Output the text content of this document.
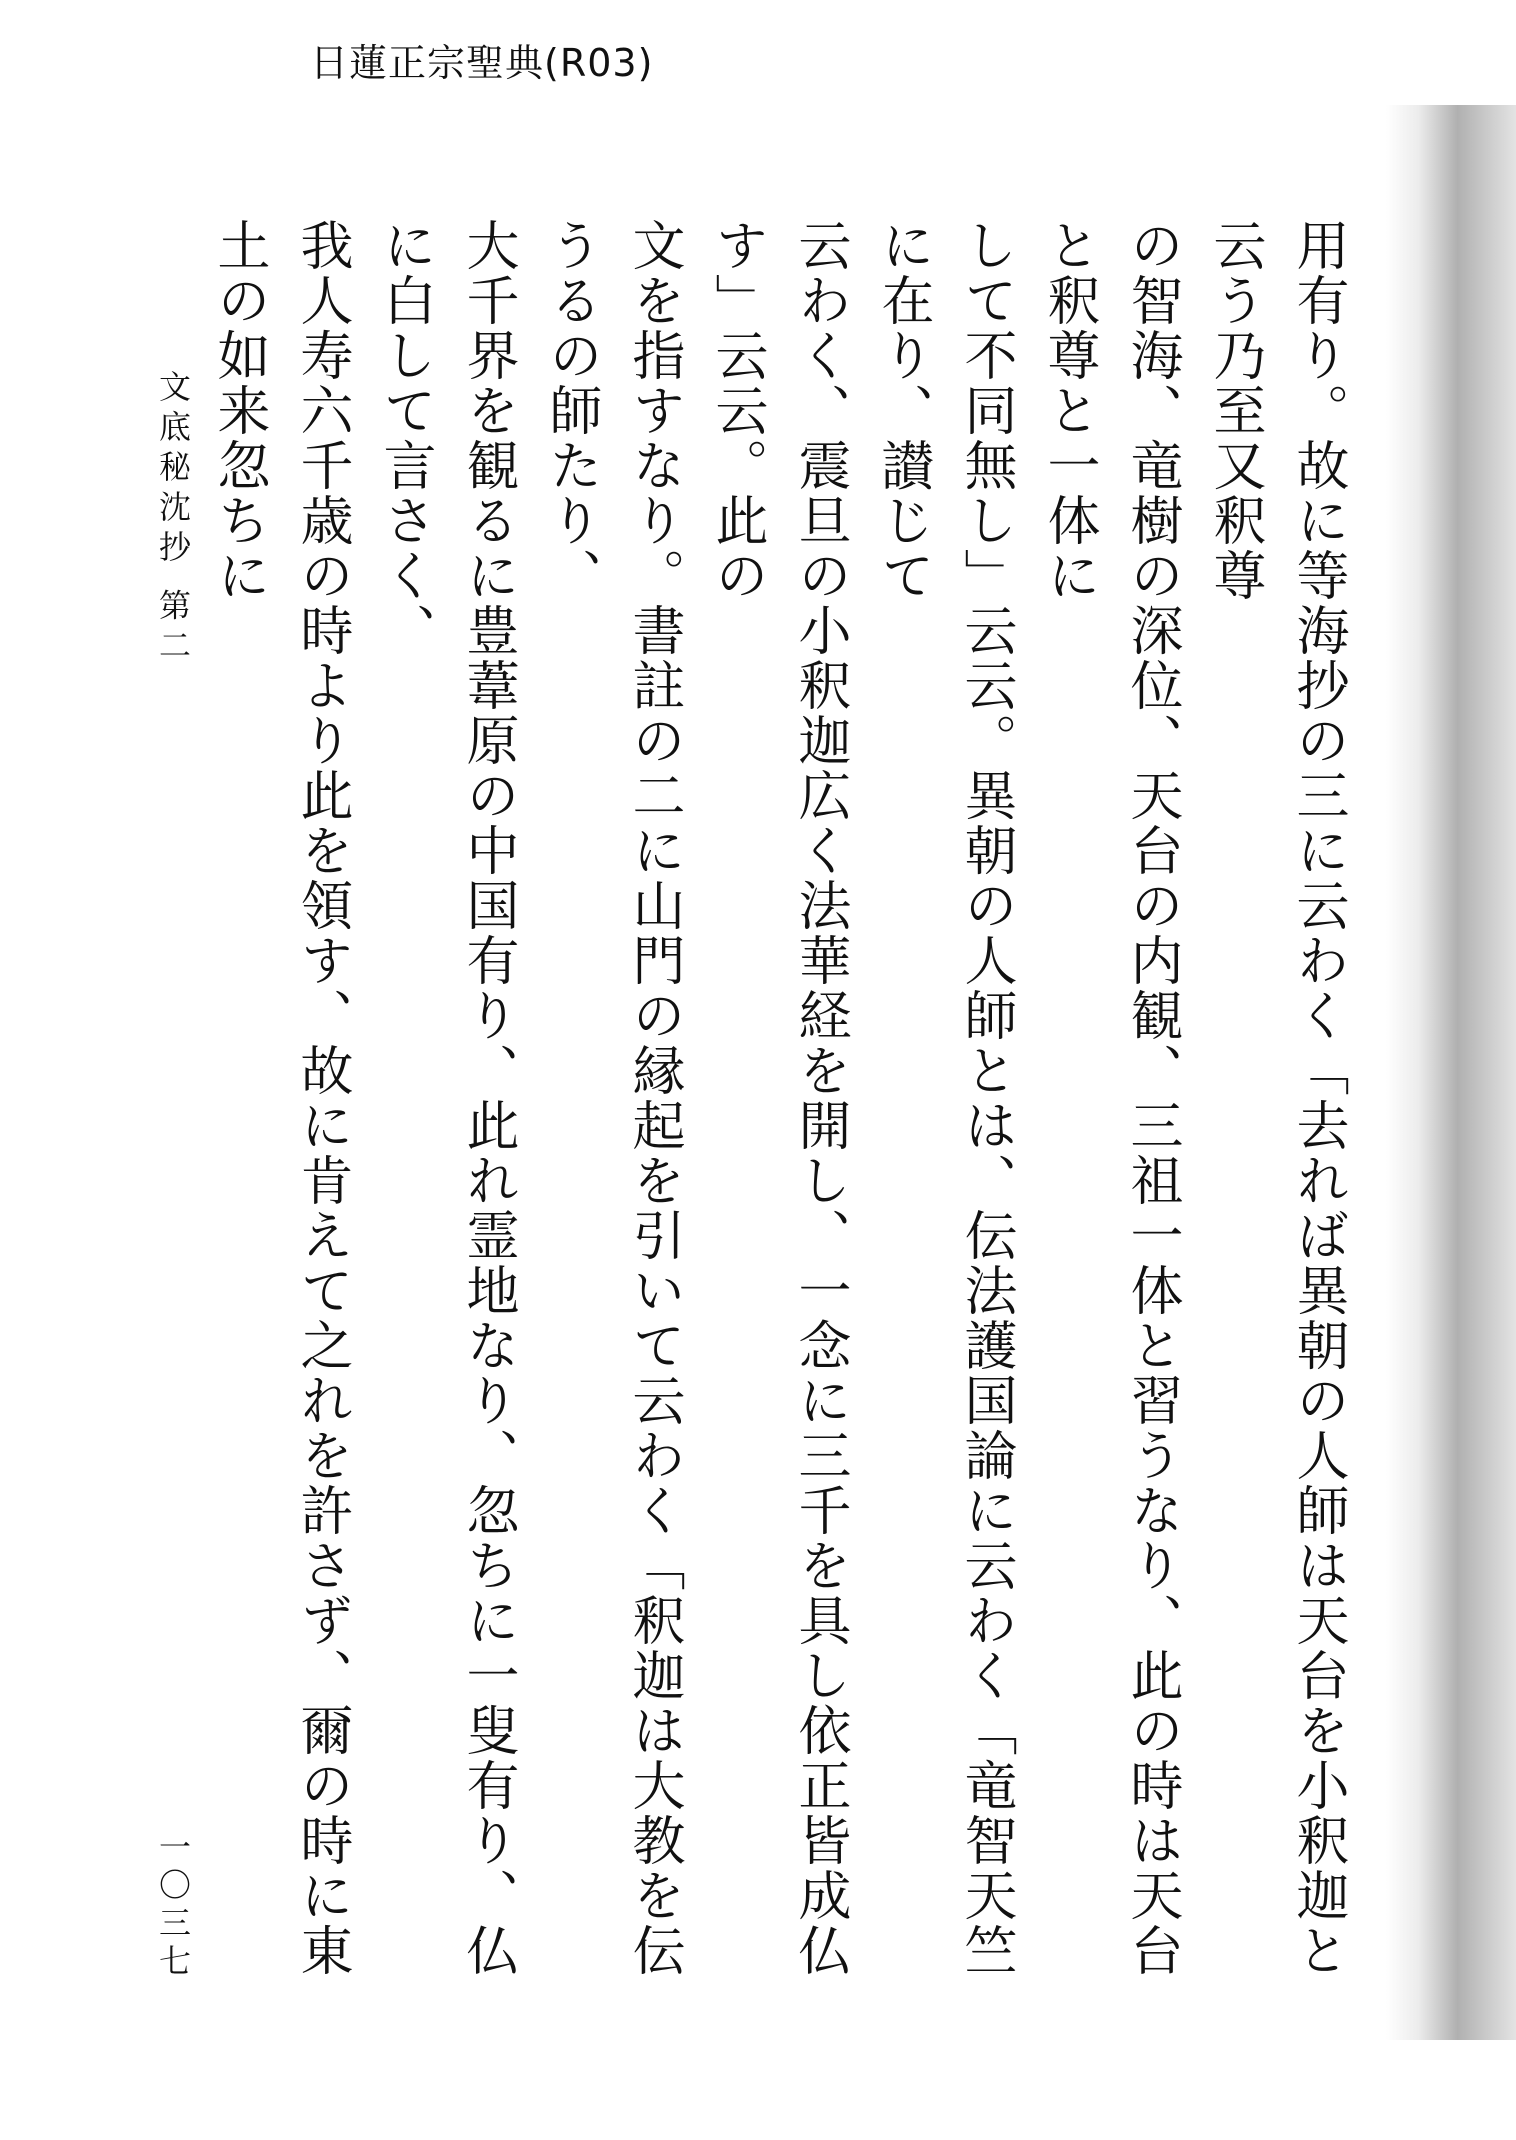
日蓮正宗聖典(R03)
用有り。故に等海抄の三に云わく「去れば異朝の人師は天台を小釈迦と云う乃至又釈尊
の智海、竜樹の深位、天台の内観、三祖一体と習うなり、此の時は天台と釈尊と一体に
して不同無し」云云。異朝の人師とは、伝法護国論に云わく「竜智天竺に在り、讃じて
云わく、震旦の小釈迦広く法華経を開し、一念に三千を具し依正皆成仏す」云云。此の
文を指すなり。書註の二に山門の縁起を引いて云わく「釈迦は大教を伝うるの師たり、
大千界を観るに豊葦原の中国有り、此れ霊地なり、忽ちに一叟有り、仏に白して言さく、
我人寿六千歳の時より此を領す、故に肯えて之れを許さず、爾の時に東土の如来忽ちに
文底秘沈抄 第二
一〇三七
